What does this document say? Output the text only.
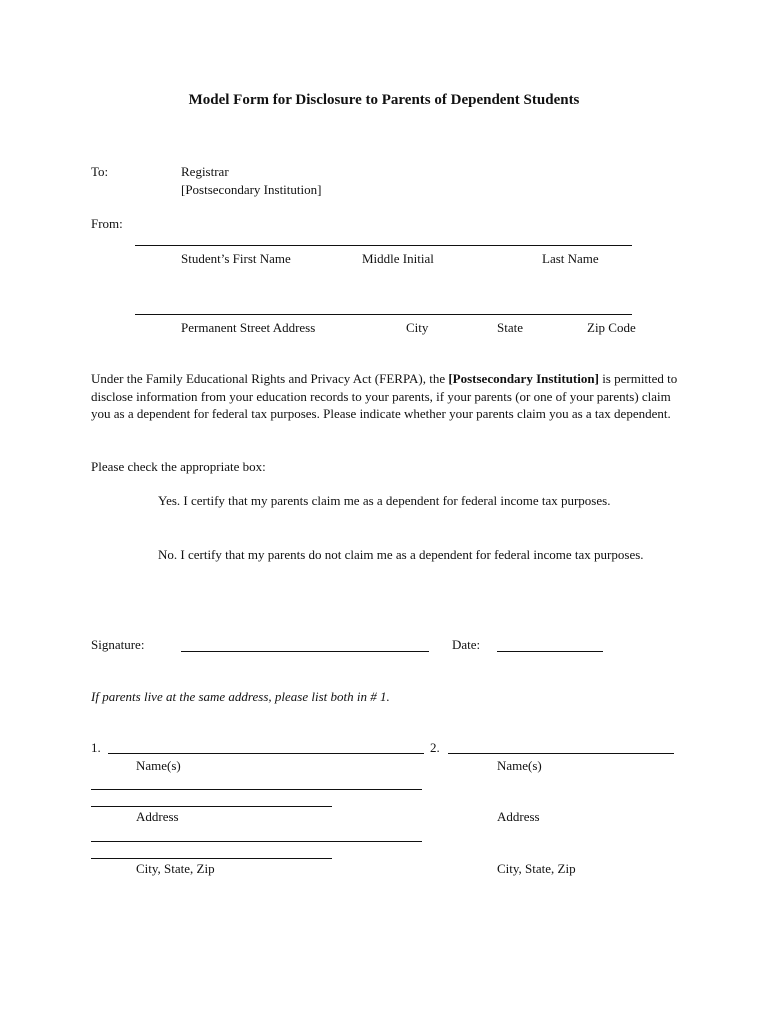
Model Form for Disclosure to Parents of Dependent Students
To:	Registrar
[Postsecondary Institution]
From:
Student’s First Name	Middle Initial	Last Name
Permanent Street Address	City	State	Zip Code
Under the Family Educational Rights and Privacy Act (FERPA), the [Postsecondary Institution] is permitted to disclose information from your education records to your parents, if your parents (or one of your parents) claim you as a dependent for federal tax purposes. Please indicate whether your parents claim you as a tax dependent.
Please check the appropriate box:
Yes. I certify that my parents claim me as a dependent for federal income tax purposes.
No. I certify that my parents do not claim me as a dependent for federal income tax purposes.
Signature:	Date:
If parents live at the same address, please list both in # 1.
1.
Name(s)
Address
City, State, Zip
2.
Name(s)
Address
City, State, Zip
